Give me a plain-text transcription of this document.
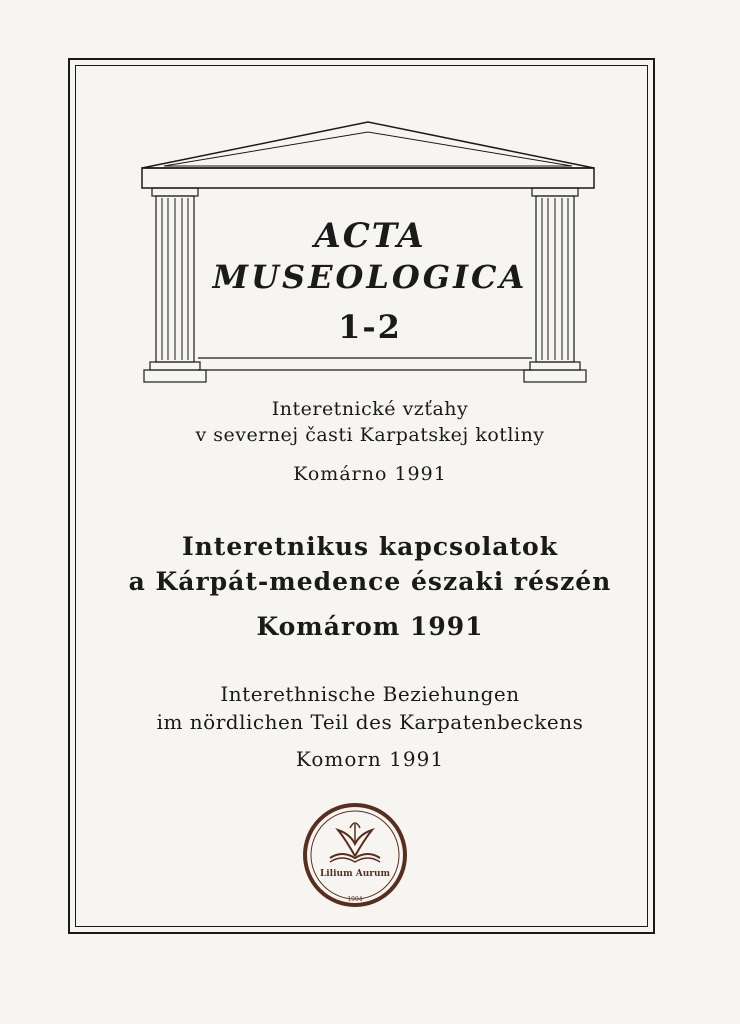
ACTA
MUSEOLOGICA
1-2
Interetnické vzťahy
v severnej časti Karpatskej kotliny
Komárno 1991
Interetnikus kapcsolatok
a Kárpát-medence északi részén
Komárom 1991
Interethnische Beziehungen
im nördlichen Teil des Karpatenbeckens
Komorn 1991
Lilium Aurum
1994
